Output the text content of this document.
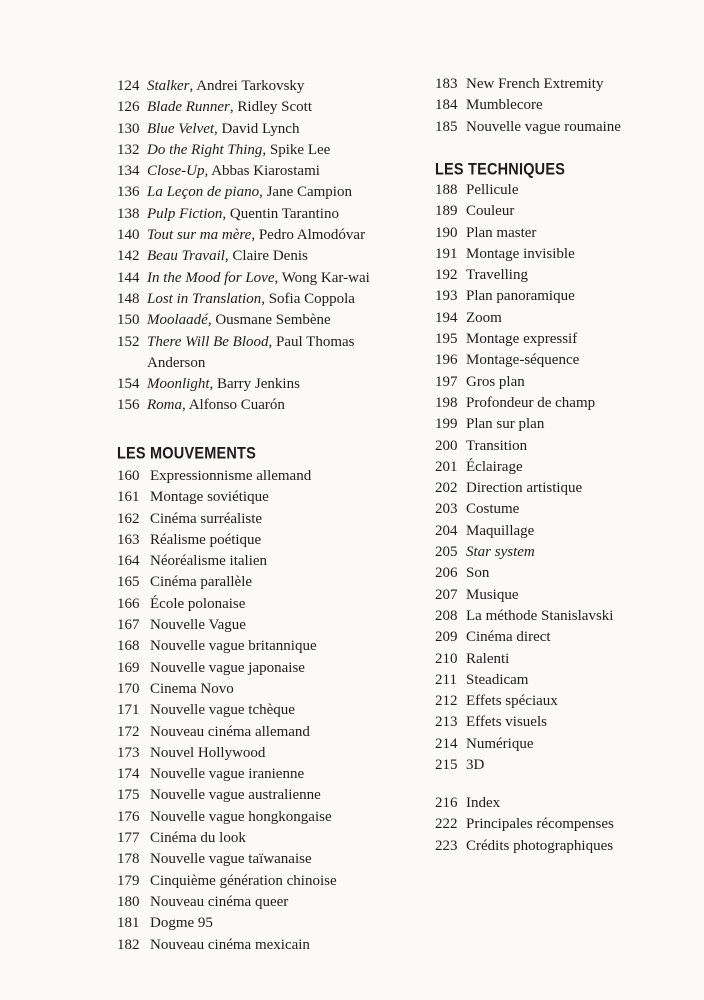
124 Stalker, Andrei Tarkovsky
126 Blade Runner, Ridley Scott
130 Blue Velvet, David Lynch
132 Do the Right Thing, Spike Lee
134 Close-Up, Abbas Kiarostami
136 La Leçon de piano, Jane Campion
138 Pulp Fiction, Quentin Tarantino
140 Tout sur ma mère, Pedro Almodóvar
142 Beau Travail, Claire Denis
144 In the Mood for Love, Wong Kar-wai
148 Lost in Translation, Sofia Coppola
150 Moolaadé, Ousmane Sembène
152 There Will Be Blood, Paul Thomas Anderson
154 Moonlight, Barry Jenkins
156 Roma, Alfonso Cuarón
LES MOUVEMENTS
160 Expressionnisme allemand
161 Montage soviétique
162 Cinéma surréaliste
163 Réalisme poétique
164 Néoréalisme italien
165 Cinéma parallèle
166 École polonaise
167 Nouvelle Vague
168 Nouvelle vague britannique
169 Nouvelle vague japonaise
170 Cinema Novo
171 Nouvelle vague tchèque
172 Nouveau cinéma allemand
173 Nouvel Hollywood
174 Nouvelle vague iranienne
175 Nouvelle vague australienne
176 Nouvelle vague hongkongaise
177 Cinéma du look
178 Nouvelle vague taïwanaise
179 Cinquième génération chinoise
180 Nouveau cinéma queer
181 Dogme 95
182 Nouveau cinéma mexicain
183 New French Extremity
184 Mumblecore
185 Nouvelle vague roumaine
LES TECHNIQUES
188 Pellicule
189 Couleur
190 Plan master
191 Montage invisible
192 Travelling
193 Plan panoramique
194 Zoom
195 Montage expressif
196 Montage-séquence
197 Gros plan
198 Profondeur de champ
199 Plan sur plan
200 Transition
201 Éclairage
202 Direction artistique
203 Costume
204 Maquillage
205 Star system
206 Son
207 Musique
208 La méthode Stanislavski
209 Cinéma direct
210 Ralenti
211 Steadicam
212 Effets spéciaux
213 Effets visuels
214 Numérique
215 3D
216 Index
222 Principales récompenses
223 Crédits photographiques
